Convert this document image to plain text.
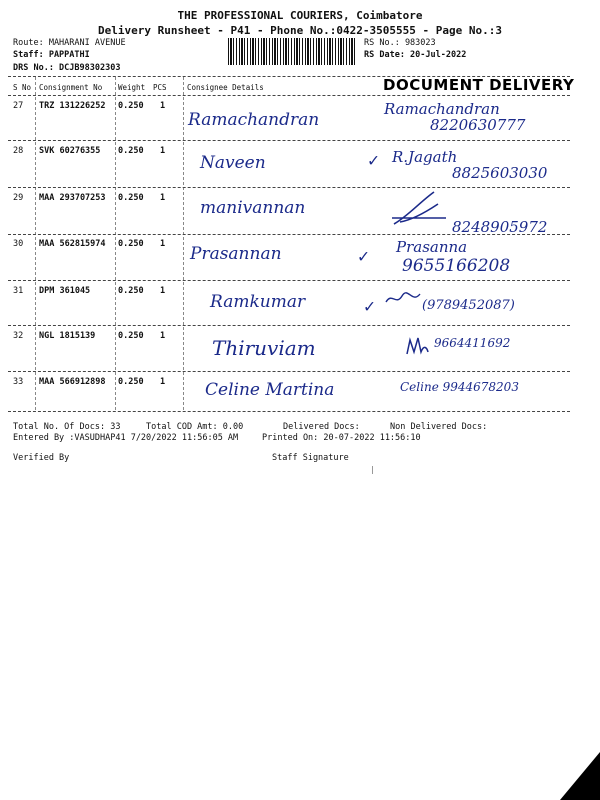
THE PROFESSIONAL COURIERS, Coimbatore
Delivery Runsheet - P41 - Phone No.:0422-3505555 - Page No.:3
Route: MAHARANI AVENUE
Staff: PAPPATHI
DRS No.: DCJB98302303
RS No.: 983023
RS Date: 20-Jul-2022
DOCUMENT DELIVERY
S No Consignment No Weight PCS	Consignee Details
27 TRZ 131226252 0.250 1
Ramachandran
Ramachandran
8220630777
28 SVK 60276355 0.250 1
Naveen	✓ R.Jagath
8825603030
29 MAA 293707253 0.250 1 manivannan
8248905972
30 MAA 562815974 0.250 1 Prasannan	✓ Prasanna
9655166208
31 DPM 361045	0.250 1
Ramkumar	✓	(9789452087)
32 NGL 1815139	0.250 1 Thiruviam	9664411692
33 MAA 566912898 0.250 1 Celine Martina	Celine 9944678203
Total No. Of Docs: 33	Total COD Amt: 0.00	Delivered Docs:	Non Delivered Docs:
Entered By :VASUDHAP41 7/20/2022 11:56:05 AM	Printed On: 20-07-2022 11:56:10
Verified By	Staff Signature
